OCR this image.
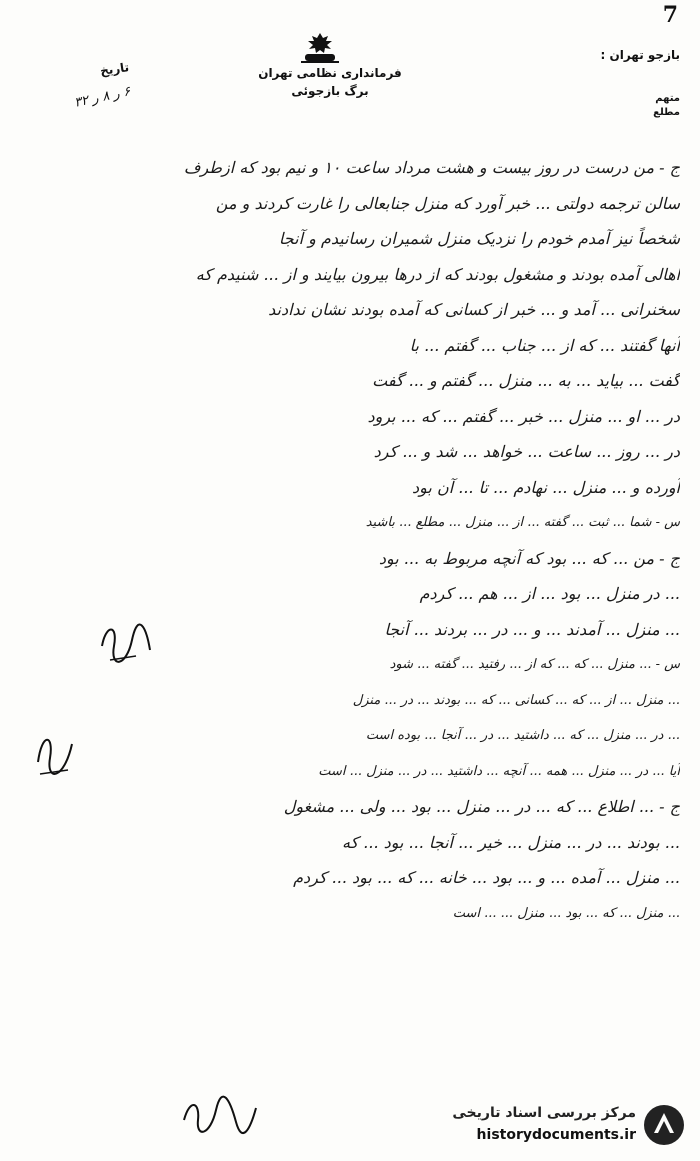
7
فرمانداری نظامی تهران
برگ بازجوئی
بازجو تهران :
متهم
مطلع
تاریخ
۶ ر ۸ ر ۳۲
ج - من درست در روز بیست و هشت مرداد ساعت ۱۰ و نیم بود که ازطرف
سالن ترجمه دولتی ... خبر آورد که منزل جنابعالی را غارت کردند و من
شخصاً نیز آمدم خودم را نزدیک منزل شمیران رسانیدم و آنجا
اهالی آمده بودند و مشغول بودند که از درها بیرون بیایند و از ... شنیدم که
سخنرانی ... آمد و ... خبر از کسانی که آمده بودند نشان ندادند
آنها گفتند ... که از ... جناب ... گفتم ... با
گفت ... بیاید ... به ... منزل ... گفتم و ... گفت
در ... او ... منزل ... خبر ... گفتم ... که ... برود
در ... روز ... ساعت ... خواهد ... شد و ... کرد
آورده و ... منزل ... نهادم ... تا ... آن بود
س - شما ... ثبت ... گفته ... از ... منزل ... مطلع ... باشید
ج - من ... که ... بود که آنچه مربوط به ... بود
... در منزل ... بود ... از ... هم ... کردم
... منزل ... آمدند ... و ... در ... بردند ... آنجا
س - ... منزل ... که ... که از ... رفتید ... گفته ... شود
... منزل ... از ... که ... کسانی ... که ... بودند ... در ... منزل
... در ... منزل ... که ... داشتید ... در ... آنجا ... بوده است
آیا ... در ... منزل ... همه ... آنچه ... داشتید ... در ... منزل ... است
ج - ... اطلاع ... که ... در ... منزل ... بود ... ولی ... مشغول
... بودند ... در ... منزل ... خیر ... آنجا ... بود ... که
... منزل ... آمده ... و ... بود ... خانه ... که ... بود ... کردم
... منزل ... که ... بود ... منزل ... ... است
مرکز بررسی اسناد تاریخی
historydocuments.ir
